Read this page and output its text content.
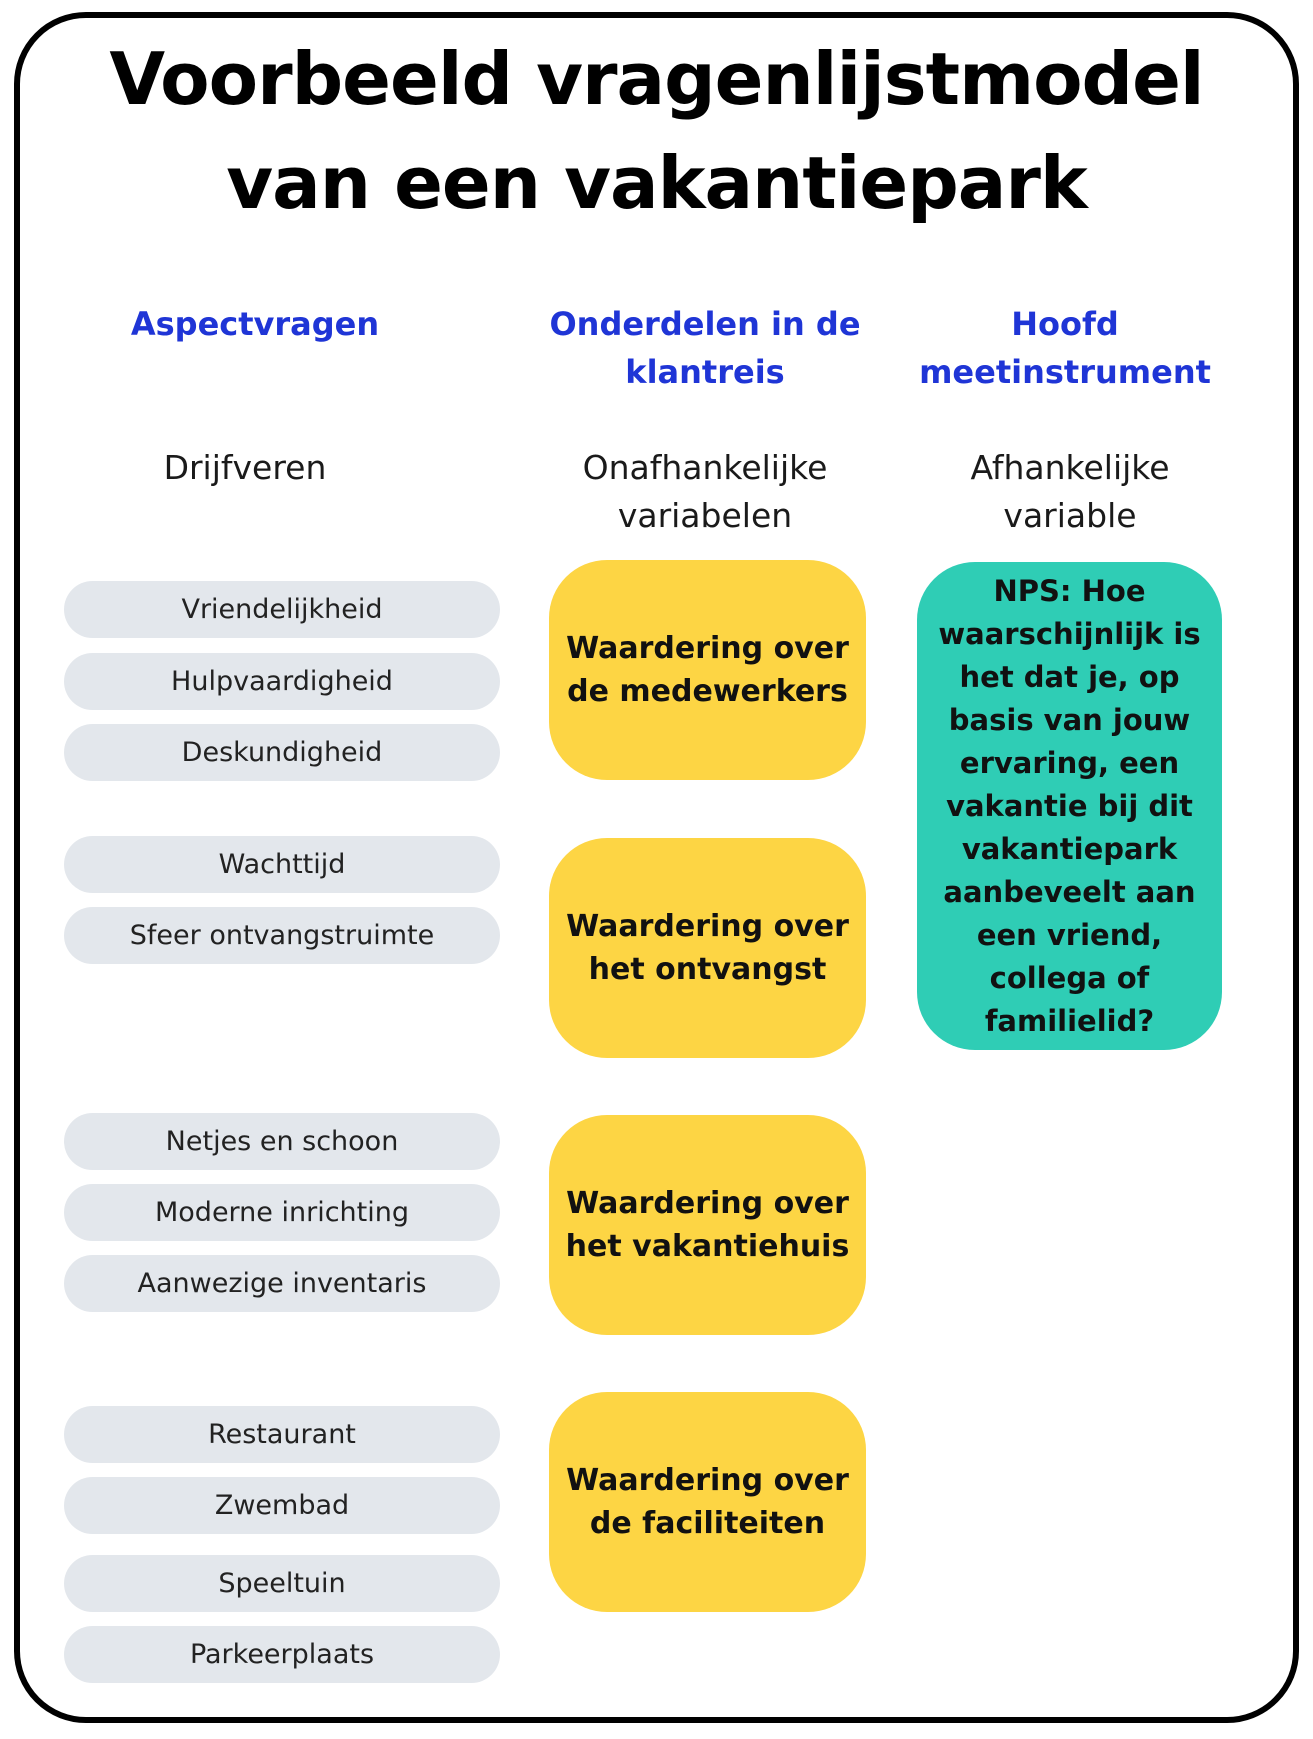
Voorbeeld vragenlijstmodel
van een vakantiepark
Aspectvragen	Onderdelen in de klantreis
Hoofd meetinstrument
Drijfveren	Onafhankelijke variabelen
Afhankelijke variable
Vriendelijkheid
Hulpvaardigheid
Deskundigheid
Wachttijd
Sfeer ontvangstruimte
Netjes en schoon
Moderne inrichting
Aanwezige inventaris
Restaurant
Zwembad
Speeltuin
Parkeerplaats
Waardering over de medewerkers
Waardering over het ontvangst
Waardering over het vakantiehuis
Waardering over de faciliteiten
NPS: Hoe waarschijnlijk is het dat je, op basis van jouw ervaring, een vakantie bij dit vakantiepark aanbeveelt aan een vriend, collega of familielid?
